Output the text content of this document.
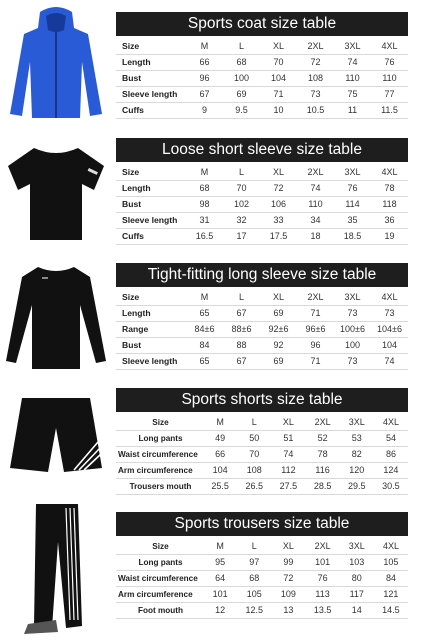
Sports coat size table
Size	M	L	XL	2XL	3XL	4XL
Length	66	68	70	72	74	76
Bust	96	100	104	108	110	110
Sleeve length	67	69	71	73	75	77
Cuffs	9	9.5	10	10.5	11	11.5
Loose short sleeve size table
Size	M	L	XL	2XL	3XL	4XL
Length	68	70	72	74	76	78
Bust	98	102	106	110	114	118
Sleeve length	31	32	33	34	35	36
Cuffs	16.5	17	17.5	18	18.5	19
Tight-fitting long sleeve size table
Size	M	L	XL	2XL	3XL	4XL
Length	65	67	69	71	73	73
Range	84±6	88±6	92±6	96±6	100±6	104±6
Bust	84	88	92	96	100	104
Sleeve length	65	67	69	71	73	74
Sports shorts size table
Size	M	L	XL	2XL	3XL	4XL
Long pants	49	50	51	52	53	54
Waist circumference	66	70	74	78	82	86
Arm circumference	104	108	112	116	120	124
Trousers mouth	25.5	26.5	27.5	28.5	29.5	30.5
Sports trousers size table
Size	M	L	XL	2XL	3XL	4XL
Long pants	95	97	99	101	103	105
Waist circumference	64	68	72	76	80	84
Arm circumference	101	105	109	113	117	121
Foot mouth	12	12.5	13	13.5	14	14.5
